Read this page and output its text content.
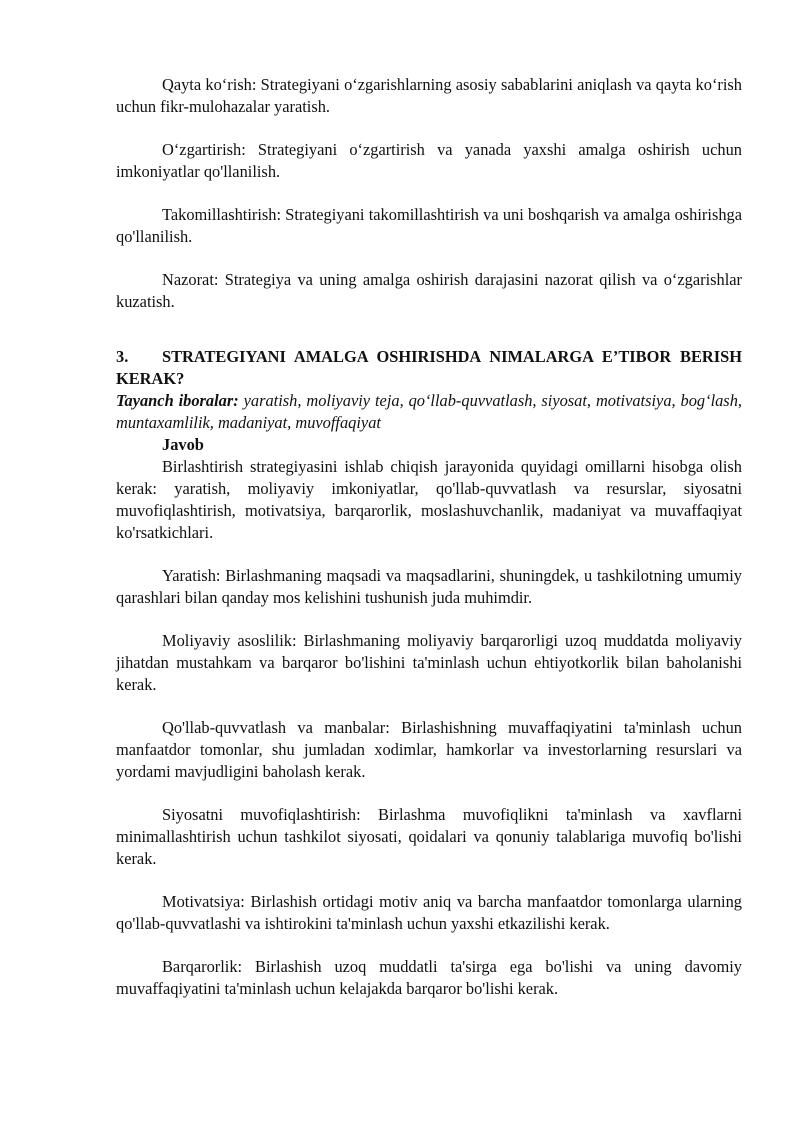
Qayta ko‘rish: Strategiyani o‘zgarishlarning asosiy sabablarini aniqlash va qayta ko‘rish uchun fikr-mulohazalar yaratish.

O‘zgartirish: Strategiyani o‘zgartirish va yanada yaxshi amalga oshirish uchun imkoniyatlar qo'llanilish.

Takomillashtirish: Strategiyani takomillashtirish va uni boshqarish va amalga oshirishga qo'llanilish.

Nazorat: Strategiya va uning amalga oshirish darajasini nazorat qilish va o‘zgarishlar kuzatish.

3. STRATEGIYANI AMALGA OSHIRISHDA NIMALARGA E’TIBOR BERISH KERAK?

Tayanch iboralar: yaratish, moliyaviy teja, qo‘llab-quvvatlash, siyosat, motivatsiya, bog‘lash, muntaxamlilik, madaniyat, muvoffaqiyat

Javob

Birlashtirish strategiyasini ishlab chiqish jarayonida quyidagi omillarni hisobga olish kerak: yaratish, moliyaviy imkoniyatlar, qo'llab-quvvatlash va resurslar, siyosatni muvofiqlashtirish, motivatsiya, barqarorlik, moslashuvchanlik, madaniyat va muvaffaqiyat ko'rsatkichlari.

Yaratish: Birlashmaning maqsadi va maqsadlarini, shuningdek, u tashkilotning umumiy qarashlari bilan qanday mos kelishini tushunish juda muhimdir.

Moliyaviy asoslilik: Birlashmaning moliyaviy barqarorligi uzoq muddatda moliyaviy jihatdan mustahkam va barqaror bo'lishini ta'minlash uchun ehtiyotkorlik bilan baholanishi kerak.

Qo'llab-quvvatlash va manbalar: Birlashishning muvaffaqiyatini ta'minlash uchun manfaatdor tomonlar, shu jumladan xodimlar, hamkorlar va investorlarning resurslari va yordami mavjudligini baholash kerak.

Siyosatni muvofiqlashtirish: Birlashma muvofiqlikni ta'minlash va xavflarni minimallashtirish uchun tashkilot siyosati, qoidalari va qonuniy talablariga muvofiq bo'lishi kerak.

Motivatsiya: Birlashish ortidagi motiv aniq va barcha manfaatdor tomonlarga ularning qo'llab-quvvatlashi va ishtirokini ta'minlash uchun yaxshi etkazilishi kerak.

Barqarorlik: Birlashish uzoq muddatli ta'sirga ega bo'lishi va uning davomiy muvaffaqiyatini ta'minlash uchun kelajakda barqaror bo'lishi kerak.
